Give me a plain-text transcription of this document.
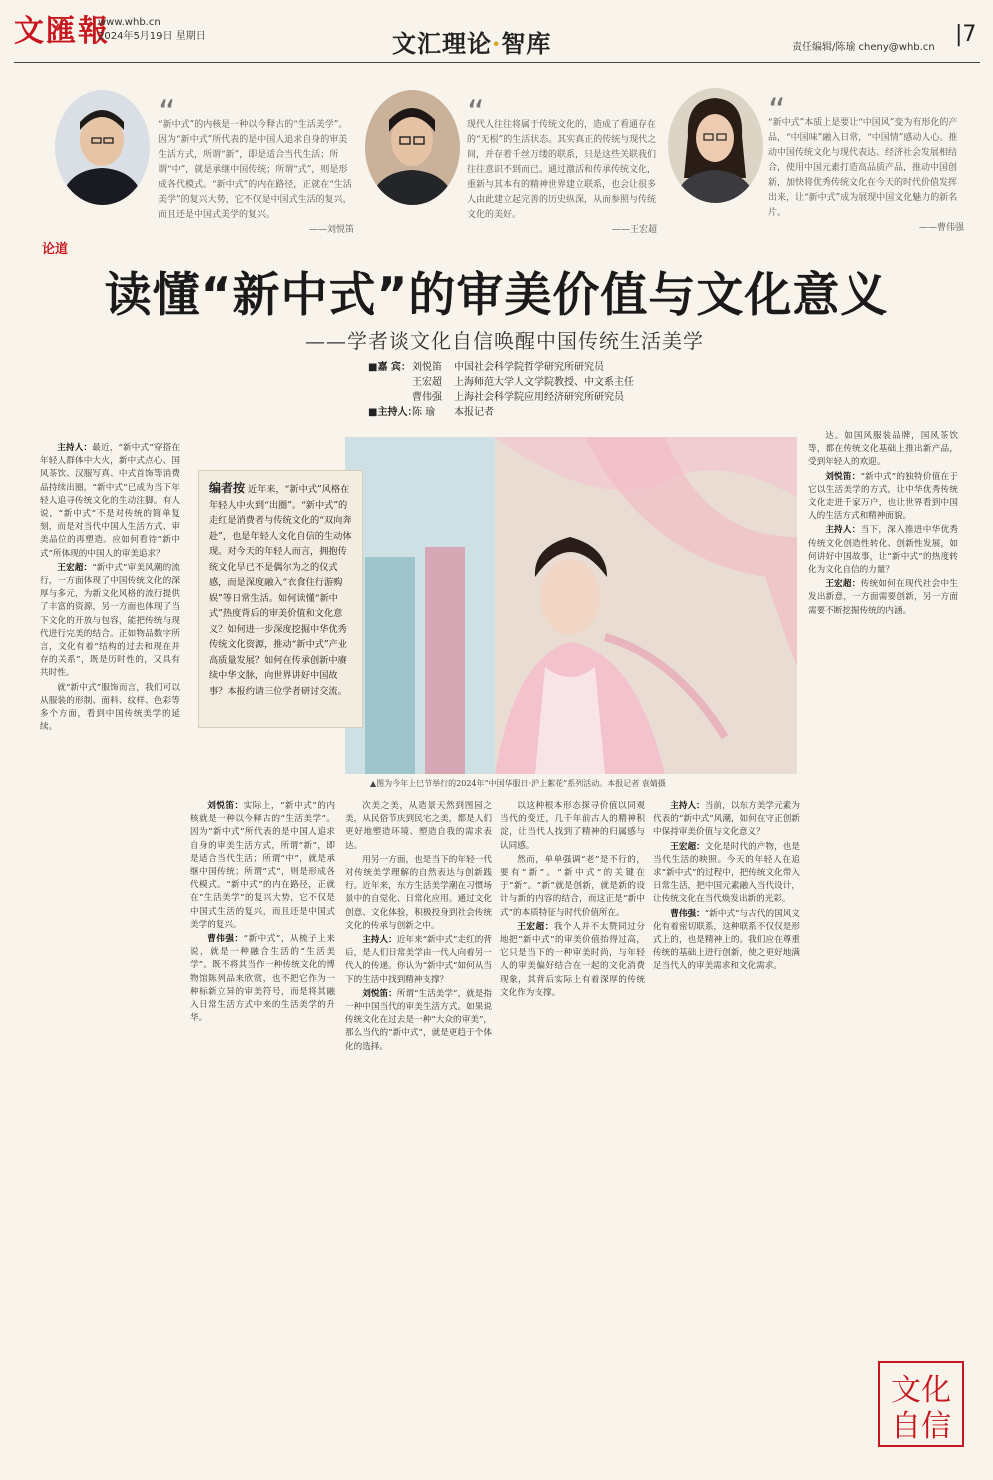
文匯報
www.whb.cn
2024年5月19日 星期日	文汇理论·智库	责任编辑/陈瑜 cheny@whb.cn
|7
“
“新中式”的内核是一种以今释古的“生活美学”。因为“新中式”所代表的是中国人追求自身的审美生活方式，所谓“新”，即是适合当代生活；所谓“中”，就是承继中国传统；所谓“式”，则是形成各代模式。“新中式”的内在路径，正就在“生活美学”的复兴大势，它不仅是中国式生活的复兴，而且还是中国式美学的复兴。
——刘悦笛
“
现代人往往将属于传统文化的，造成了看通存在的“无根”的生活状态。其实真正的传统与现代之间，并存着千丝万缕的联系，只是这些关联我们往往意识不到而已。通过激活和传承传统文化，重新与其本有的精神世界建立联系，也会让很多人由此建立起完善的历史纵深，从而参照与传统文化的美好。
——王宏超
“
“新中式”本质上是要让“中国风”变为有形化的产品，“中国味”融入日常，“中国情”感动人心。推动中国传统文化与现代表达、经济社会发展相结合，使用中国元素打造高品质产品，推动中国创新，加快将优秀传统文化在今天的时代价值发挥出来，让“新中式”成为展现中国文化魅力的新名片。
——曹伟强
论道
读懂“新中式”的审美价值与文化意义
——学者谈文化自信唤醒中国传统生活美学
■嘉 宾：刘悦笛 中国社会科学院哲学研究所研究员
王宏超 上海师范大学人文学院教授、中文系主任
曹伟强 上海社会科学院应用经济研究所研究员
■主持人：陈 瑜 本报记者
▲图为今年上巳节举行的2024年“中国华服日·沪上絮花”系列活动。本报记者 袁婧摄
编者按 近年来，“新中式”风格在年轻人中火到“出圈”。“新中式”的走红是消费者与传统文化的“双向奔赴”，也是年轻人文化自信的生动体现。对今天的年轻人而言，拥抱传统文化早已不是偶尔为之的仪式感，而是深度融入“衣食住行游购娱”等日常生活。如何读懂“新中式”热度背后的审美价值和文化意义？如何进一步深度挖掘中华优秀传统文化资源，推动“新中式”产业高质量发展？如何在传承创新中赓续中华文脉，向世界讲好中国故事？本报约请三位学者研讨交流。

主持人：最近，“新中式”穿搭在年轻人群体中大火，新中式点心、国风茶饮、汉服写真、中式首饰等消费品持续出圈，“新中式”已成为当下年轻人追寻传统文化的生动注脚。有人说，“新中式”不是对传统的简单复刻，而是对当代中国人生活方式、审美品位的再塑造。应如何看待“新中式”所体现的中国人的审美追求？

王宏超：“新中式”审美风潮的流行，一方面体现了中国传统文化的深厚与多元，为新文化风格的流行提供了丰富的资源，另一方面也体现了当下文化的开放与包容，能把传统与现代进行完美的结合。正如物品数字所言，文化有着“结构的过去和现在并存的关系”，既是历时性的，又具有共时性。

就“新中式”服饰而言，我们可以从服装的形制、面料、纹样、色彩等多个方面，看到中国传统美学的延续。

刘悦笛：实际上，“新中式”的内核就是一种以今释古的“生活美学”。因为“新中式”所代表的是中国人追求自身的审美生活方式，所谓“新”，即是适合当代生活；所谓“中”，就是承继中国传统；所谓“式”，则是形成各代模式。“新中式”的内在路径，正就在“生活美学”的复兴大势，它不仅是中国式生活的复兴，而且还是中国式美学的复兴。

曹伟强：“新中式”，从梳子上来说，就是一种融合生活的“生活美学”。既不将其当作一种传统文化的博物馆陈列品来欣赏，也不把它作为一种标新立异的审美符号，而是将其融入日常生活方式中来的生活美学的升华。

次美之美，从造景天然到图园之美，从民俗节庆到民宅之美，都是人们更好地塑造环境、塑造自我的需求表达。

用另一方面，也是当下的年轻一代对传统美学理解的自然表达与创新践行。近年来，东方生活美学潮在习惯场景中的自觉化、日常化应用。通过文化创意、文化体验，积极投身到社会传统文化的传承与创新之中。

主持人：近年来“新中式”走红的背后，是人们日常美学由一代人向着另一代人的传递。你认为“新中式”如何从当下的生活中找到精神支撑？

刘悦笛：所谓“生活美学”，就是指一种中国当代的审美生活方式。如果说传统文化在过去是一种“大众的审美”，那么当代的“新中式”，就是更趋于个体化的选择。

以这种根本形态探寻价值以同观当代的变迁，几千年前古人的精神积淀，让当代人找到了精神的归属感与认同感。

然而，单单强调“老”是不行的，要有“新”。“新中式”的关键在于“新”。“新”就是创新，就是新的设计与新的内容的结合，而这正是“新中式”的本质特征与时代价值所在。

王宏超：我个人并不太赞同过分地把“新中式”的审美价值抬得过高，它只是当下的一种审美时尚，与年轻人的审美偏好结合在一起的文化消费现象，其背后实际上有着深厚的传统文化作为支撑。

主持人：当前，以东方美学元素为代表的“新中式”风潮，如何在守正创新中保持审美价值与文化意义？

王宏超：文化是时代的产物，也是当代生活的映照。今天的年轻人在追求“新中式”的过程中，把传统文化带入日常生活，把中国元素融入当代设计，让传统文化在当代焕发出新的光彩。

曹伟强：“新中式”与古代的国风文化有着密切联系，这种联系不仅仅是形式上的，也是精神上的。我们应在尊重传统的基础上进行创新，使之更好地满足当代人的审美需求和文化需求。

达。如国风服装品牌，国风茶饮等，都在传统文化基础上推出新产品，受到年轻人的欢迎。

刘悦笛：“新中式”的独特价值在于它以生活美学的方式，让中华优秀传统文化走进千家万户，也让世界看到中国人的生活方式和精神面貌。

主持人：当下，深入推进中华优秀传统文化创造性转化、创新性发展，如何讲好中国故事，让“新中式”的热度转化为文化自信的力量？

王宏超：传统如何在现代社会中生发出新意，一方面需要创新，另一方面需要不断挖掘传统的内涵。

文化
自信
